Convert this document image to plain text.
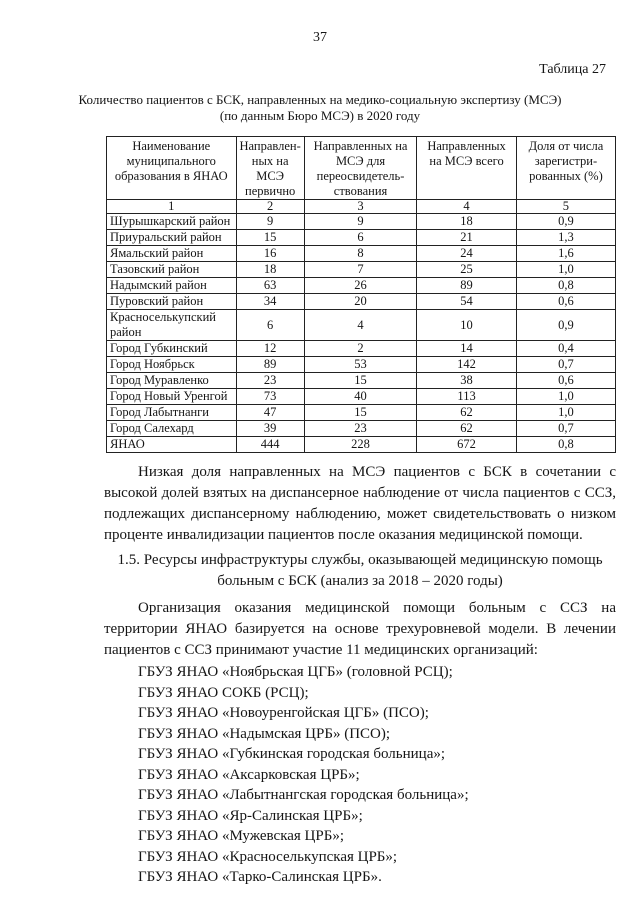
37
Таблица 27
Количество пациентов с БСК, направленных на медико-социальную экспертизу (МСЭ)
(по данным Бюро МСЭ) в 2020 году
Наименование муниципального образования в ЯНАО	Направлен-ных на МСЭ первично	Направленных на МСЭ для переосвидетель-ствования	Направленных на МСЭ всего	Доля от числа зарегистри-рованных (%)
1	2	3	4	5
Шурышкарский район	9	9	18	0,9
Приуральский район	15	6	21	1,3
Ямальский район	16	8	24	1,6
Тазовский район	18	7	25	1,0
Надымский район	63	26	89	0,8
Пуровский район	34	20	54	0,6
Красноселькупский район	6	4	10	0,9
Город Губкинский	12	2	14	0,4
Город Ноябрьск	89	53	142	0,7
Город Муравленко	23	15	38	0,6
Город Новый Уренгой	73	40	113	1,0
Город Лабытнанги	47	15	62	1,0
Город Салехард	39	23	62	0,7
ЯНАО	444	228	672	0,8

Низкая доля направленных на МСЭ пациентов с БСК в сочетании с высокой долей взятых на диспансерное наблюдение от числа пациентов с ССЗ, подлежащих диспансерному наблюдению, может свидетельствовать о низком проценте инвалидизации пациентов после оказания медицинской помощи.

1.5. Ресурсы инфраструктуры службы, оказывающей медицинскую помощь
больным с БСК (анализ за 2018 – 2020 годы)

Организация оказания медицинской помощи больным с ССЗ на территории ЯНАО базируется на основе трехуровневой модели. В лечении пациентов с ССЗ принимают участие 11 медицинских организаций:

ГБУЗ ЯНАО «Ноябрьская ЦГБ» (головной РСЦ);
ГБУЗ ЯНАО СОКБ (РСЦ);
ГБУЗ ЯНАО «Новоуренгойская ЦГБ» (ПСО);
ГБУЗ ЯНАО «Надымская ЦРБ» (ПСО);
ГБУЗ ЯНАО «Губкинская городская больница»;
ГБУЗ ЯНАО «Аксарковская ЦРБ»;
ГБУЗ ЯНАО «Лабытнангская городская больница»;
ГБУЗ ЯНАО «Яр-Салинская ЦРБ»;
ГБУЗ ЯНАО «Мужевская ЦРБ»;
ГБУЗ ЯНАО «Красноселькупская ЦРБ»;
ГБУЗ ЯНАО «Тарко-Салинская ЦРБ».
